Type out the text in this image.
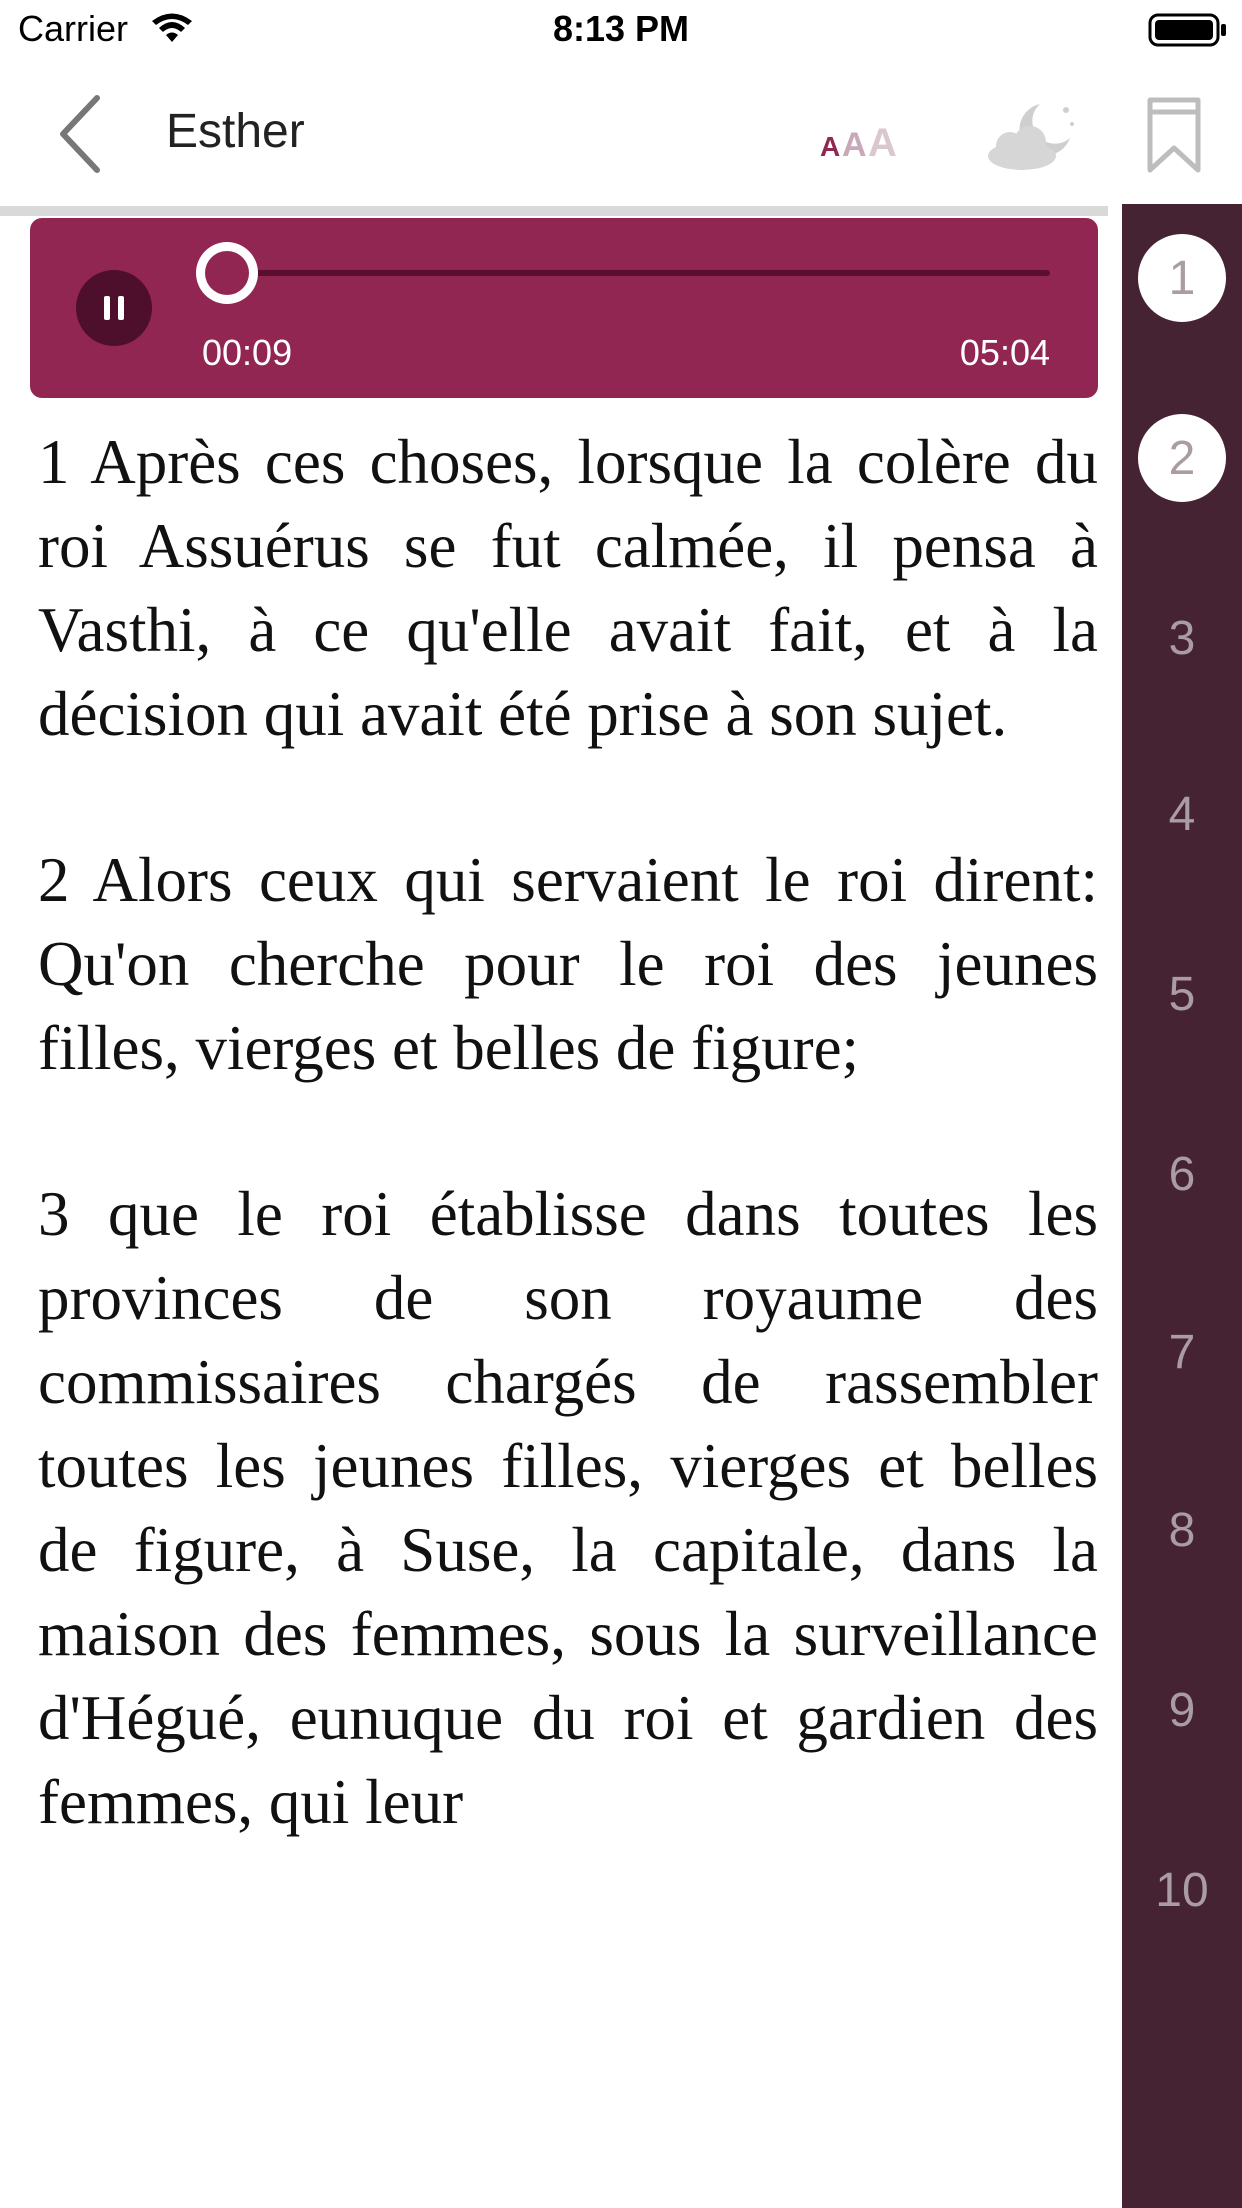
Carrier	8:13 PM
Esther	A A A
00:09	05:04

1 Après ces choses, lorsque la colère du roi Assuérus se fut calmée, il pensa à Vasthi, à ce qu'elle avait fait, et à la décision qui avait été prise à son sujet.

2 Alors ceux qui servaient le roi dirent: Qu'on cherche pour le roi des jeunes filles, vierges et belles de figure;

3 que le roi établisse dans toutes les provinces de son royaume des commissaires chargés de rassembler toutes les jeunes filles, vierges et belles de figure, à Suse, la capitale, dans la maison des femmes, sous la surveillance d'Hégué, eunuque du roi et gardien des femmes, qui leur

1
2
3
4
5
6
7
8
9
10
